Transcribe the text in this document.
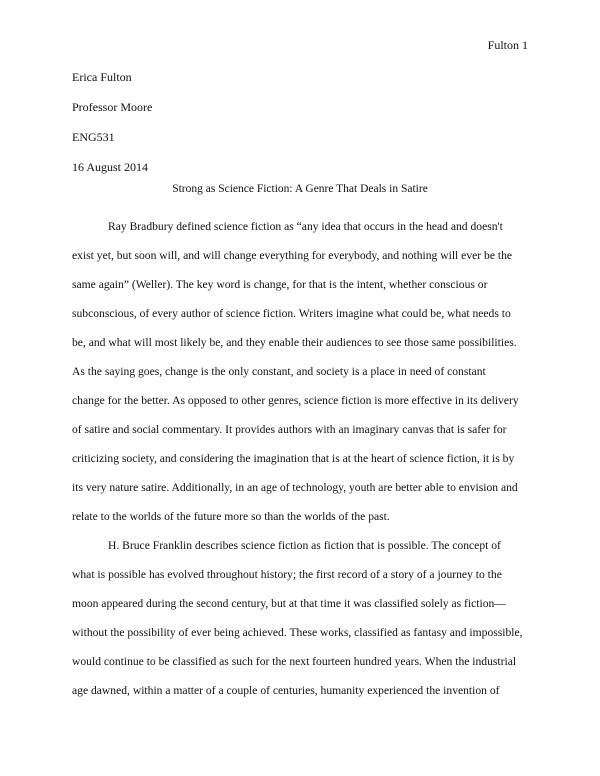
Fulton 1
Erica Fulton
Professor Moore
ENG531
16 August 2014
Strong as Science Fiction: A Genre That Deals in Satire
Ray Bradbury defined science fiction as “any idea that occurs in the head and doesn't
exist yet, but soon will, and will change everything for everybody, and nothing will ever be the
same again” (Weller). The key word is change, for that is the intent, whether conscious or
subconscious, of every author of science fiction. Writers imagine what could be, what needs to
be, and what will most likely be, and they enable their audiences to see those same possibilities.
As the saying goes, change is the only constant, and society is a place in need of constant
change for the better. As opposed to other genres, science fiction is more effective in its delivery
of satire and social commentary. It provides authors with an imaginary canvas that is safer for
criticizing society, and considering the imagination that is at the heart of science fiction, it is by
its very nature satire. Additionally, in an age of technology, youth are better able to envision and
relate to the worlds of the future more so than the worlds of the past.
H. Bruce Franklin describes science fiction as fiction that is possible. The concept of
what is possible has evolved throughout history; the first record of a story of a journey to the
moon appeared during the second century, but at that time it was classified solely as fiction—
without the possibility of ever being achieved. These works, classified as fantasy and impossible,
would continue to be classified as such for the next fourteen hundred years. When the industrial
age dawned, within a matter of a couple of centuries, humanity experienced the invention of
